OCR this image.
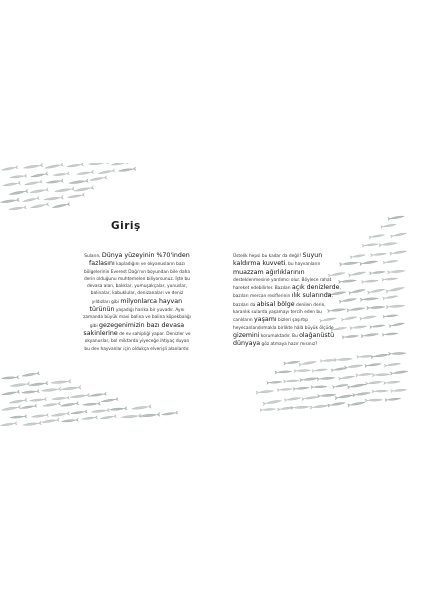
Giriş

Suların, Dünya yüzeyinin %70'inden fazlasını kapladığını ve okyanusların bazı bölgelerinin Everest Dağı'nın boyundan bile daha derin olduğunu muhtemelen biliyorsunuz. İşte bu devasa alan, balıklar, yumuşakçalar, yunuslar, balinalar, kabuklular, denizanaları ve deniz yıldızları gibi milyonlarca hayvan türünün yaşadığı harika bir yuvadır. Aynı zamanda büyük mavi balina ve balina köpekbalığı gibi gezegenimizin bazı devasa sakinlerine de ev sahipliği yapar. Denizler ve okyanuslar, bol miktarda yiyeceğe ihtiyaç duyan bu dev hayvanlar için oldukça elverişli alanlardır.

Üstelik hepsi bu kadar da değil! Suyun kaldırma kuvveti, bu hayvanların muazzam ağırlıklarının desteklenmesine yardımcı olur. Böylece rahat hareket edebilirler. Bazıları açık denizlerde, bazıları mercan resiflerinin ılık sularında, bazıları da abisal bölge denilen derin, karanlık sularda yaşamayı tercih eden bu canlıların yaşamı bizleri şaşırtıp heyecanlandırmakla birlikte hâlâ büyük ölçüde gizemini korumaktadır. Bu olağanüstü dünyaya göz atmaya hazır mısınız?
